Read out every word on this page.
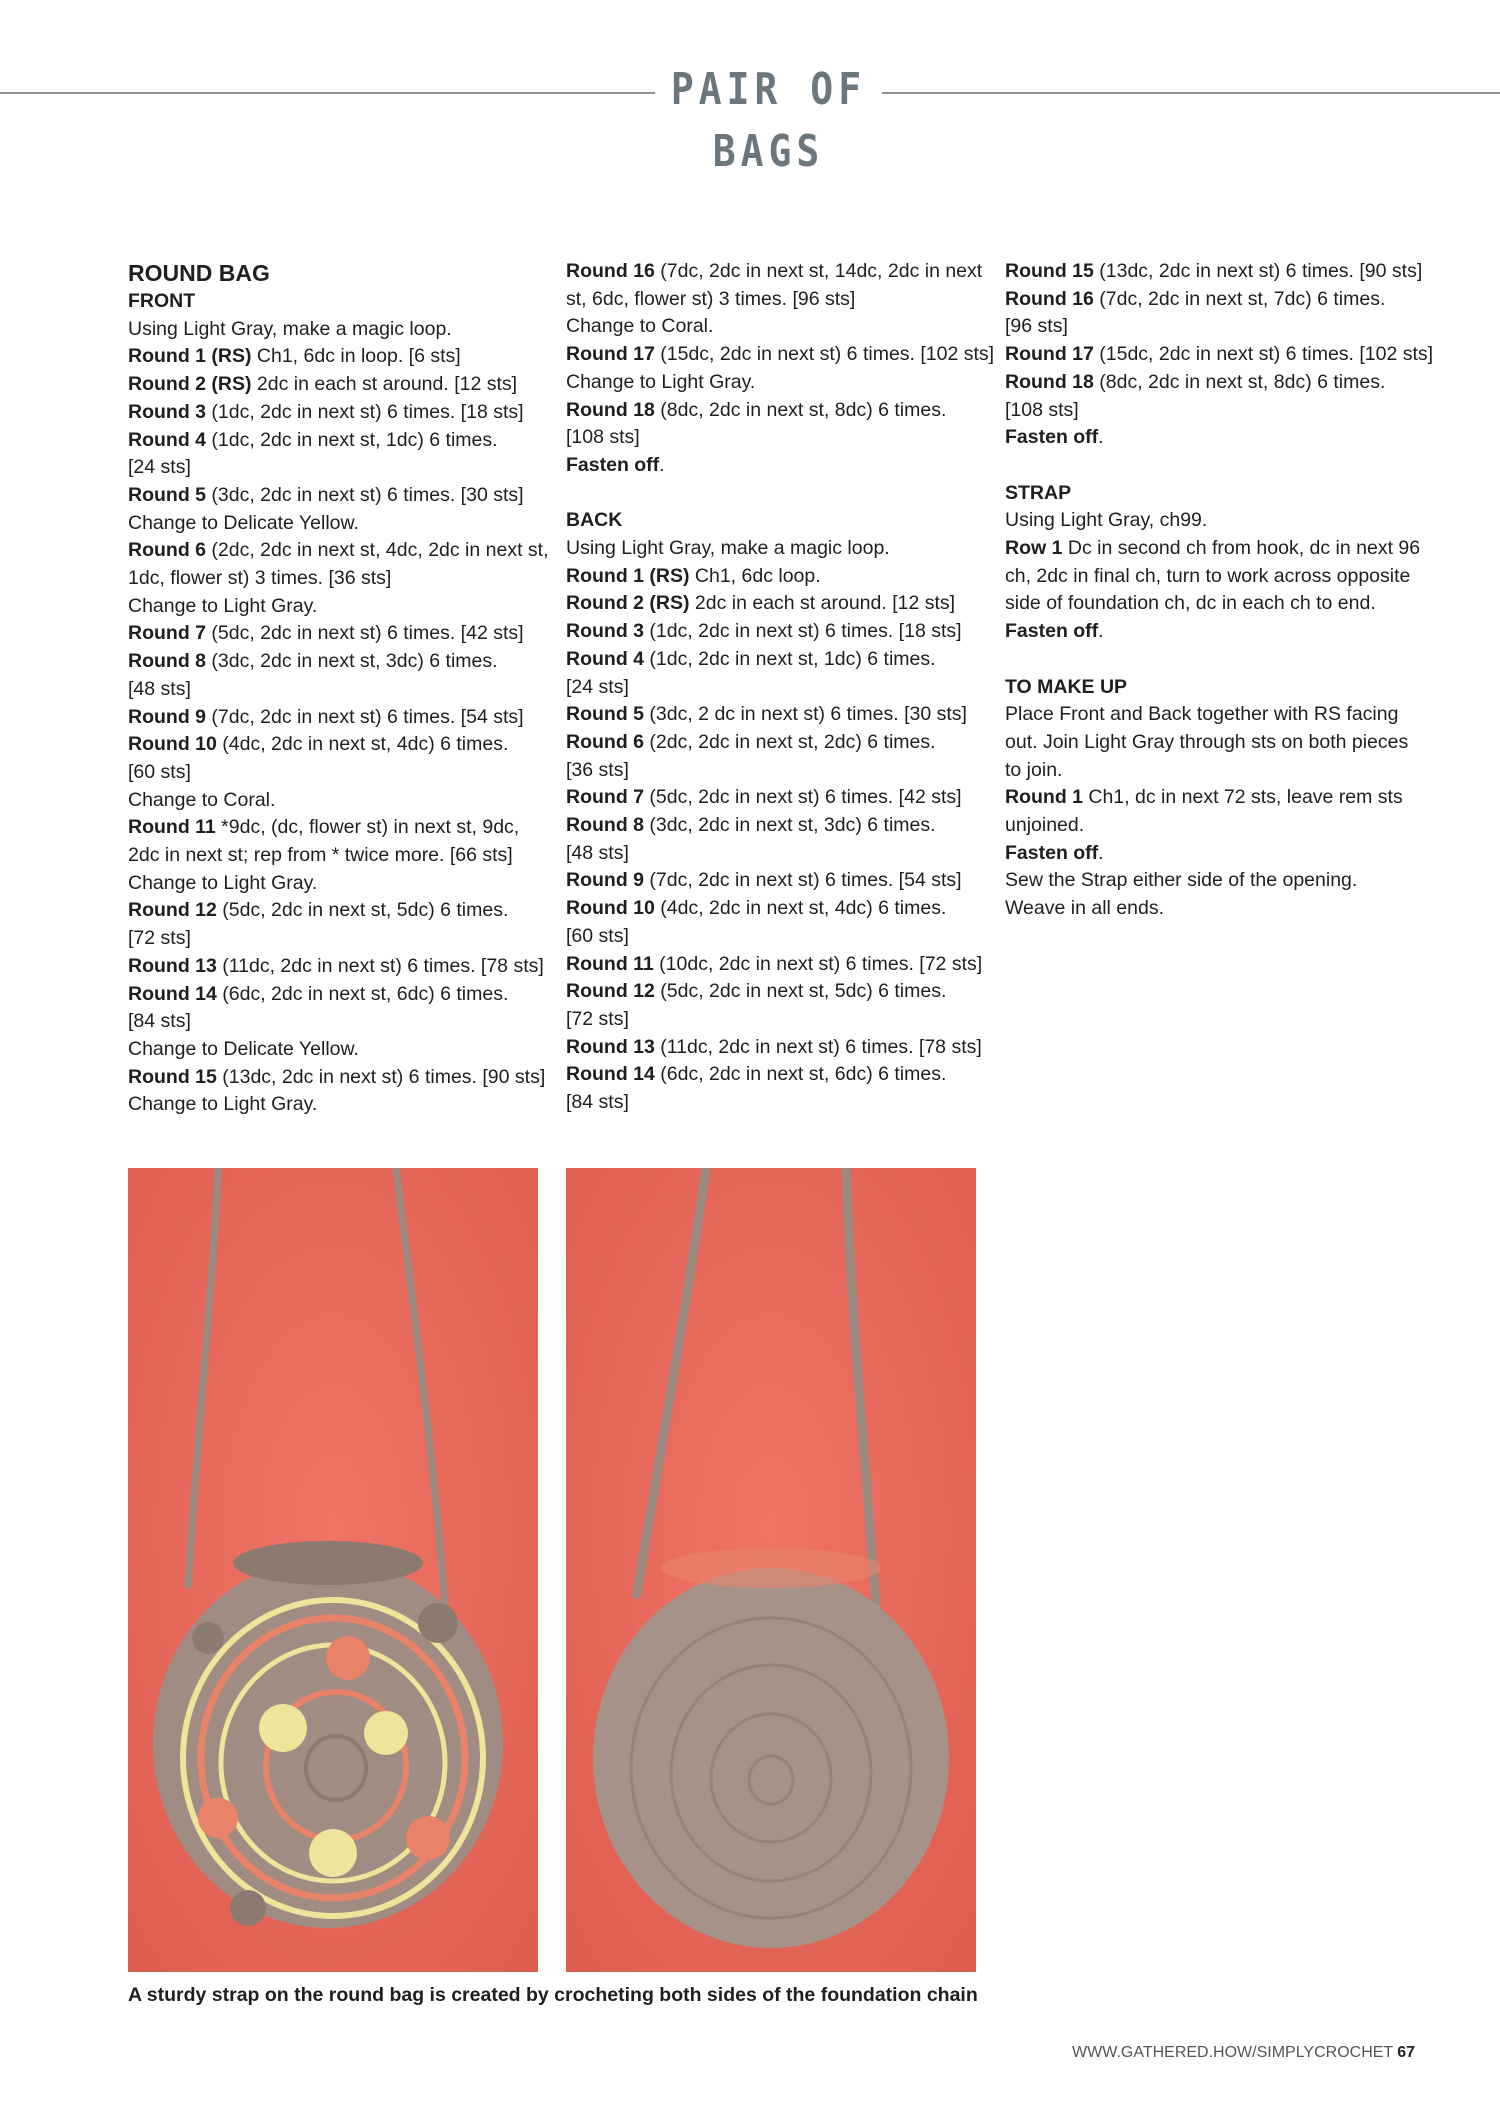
PAIR OF BAGS
ROUND BAG
FRONT
Using Light Gray, make a magic loop.
Round 1 (RS) Ch1, 6dc in loop. [6 sts]
Round 2 (RS) 2dc in each st around. [12 sts]
Round 3 (1dc, 2dc in next st) 6 times. [18 sts]
Round 4 (1dc, 2dc in next st, 1dc) 6 times.
[24 sts]
Round 5 (3dc, 2dc in next st) 6 times. [30 sts]
Change to Delicate Yellow.
Round 6 (2dc, 2dc in next st, 4dc, 2dc in next st,
1dc, flower st) 3 times. [36 sts]
Change to Light Gray.
Round 7 (5dc, 2dc in next st) 6 times. [42 sts]
Round 8 (3dc, 2dc in next st, 3dc) 6 times.
[48 sts]
Round 9 (7dc, 2dc in next st) 6 times. [54 sts]
Round 10 (4dc, 2dc in next st, 4dc) 6 times.
[60 sts]
Change to Coral.
Round 11 *9dc, (dc, flower st) in next st, 9dc,
2dc in next st; rep from * twice more. [66 sts]
Change to Light Gray.
Round 12 (5dc, 2dc in next st, 5dc) 6 times.
[72 sts]
Round 13 (11dc, 2dc in next st) 6 times. [78 sts]
Round 14 (6dc, 2dc in next st, 6dc) 6 times.
[84 sts]
Change to Delicate Yellow.
Round 15 (13dc, 2dc in next st) 6 times. [90 sts]
Change to Light Gray.
Round 16 (7dc, 2dc in next st, 14dc, 2dc in next
st, 6dc, flower st) 3 times. [96 sts]
Change to Coral.
Round 17 (15dc, 2dc in next st) 6 times. [102 sts]
Change to Light Gray.
Round 18 (8dc, 2dc in next st, 8dc) 6 times.
[108 sts]
Fasten off.
BACK
Using Light Gray, make a magic loop.
Round 1 (RS) Ch1, 6dc loop.
Round 2 (RS) 2dc in each st around. [12 sts]
Round 3 (1dc, 2dc in next st) 6 times. [18 sts]
Round 4 (1dc, 2dc in next st, 1dc) 6 times.
[24 sts]
Round 5 (3dc, 2 dc in next st) 6 times. [30 sts]
Round 6 (2dc, 2dc in next st, 2dc) 6 times.
[36 sts]
Round 7 (5dc, 2dc in next st) 6 times. [42 sts]
Round 8 (3dc, 2dc in next st, 3dc) 6 times.
[48 sts]
Round 9 (7dc, 2dc in next st) 6 times. [54 sts]
Round 10 (4dc, 2dc in next st, 4dc) 6 times.
[60 sts]
Round 11 (10dc, 2dc in next st) 6 times. [72 sts]
Round 12 (5dc, 2dc in next st, 5dc) 6 times.
[72 sts]
Round 13 (11dc, 2dc in next st) 6 times. [78 sts]
Round 14 (6dc, 2dc in next st, 6dc) 6 times.
[84 sts]
Round 15 (13dc, 2dc in next st) 6 times. [90 sts]
Round 16 (7dc, 2dc in next st, 7dc) 6 times.
[96 sts]
Round 17 (15dc, 2dc in next st) 6 times. [102 sts]
Round 18 (8dc, 2dc in next st, 8dc) 6 times.
[108 sts]
Fasten off.
STRAP
Using Light Gray, ch99.
Row 1 Dc in second ch from hook, dc in next 96
ch, 2dc in final ch, turn to work across opposite
side of foundation ch, dc in each ch to end.
Fasten off.
TO MAKE UP
Place Front and Back together with RS facing
out. Join Light Gray through sts on both pieces
to join.
Round 1 Ch1, dc in next 72 sts, leave rem sts
unjoined.
Fasten off.
Sew the Strap either side of the opening.
Weave in all ends.
A sturdy strap on the round bag is created by crocheting both sides of the foundation chain
WWW.GATHERED.HOW/SIMPLYCROCHET 67
